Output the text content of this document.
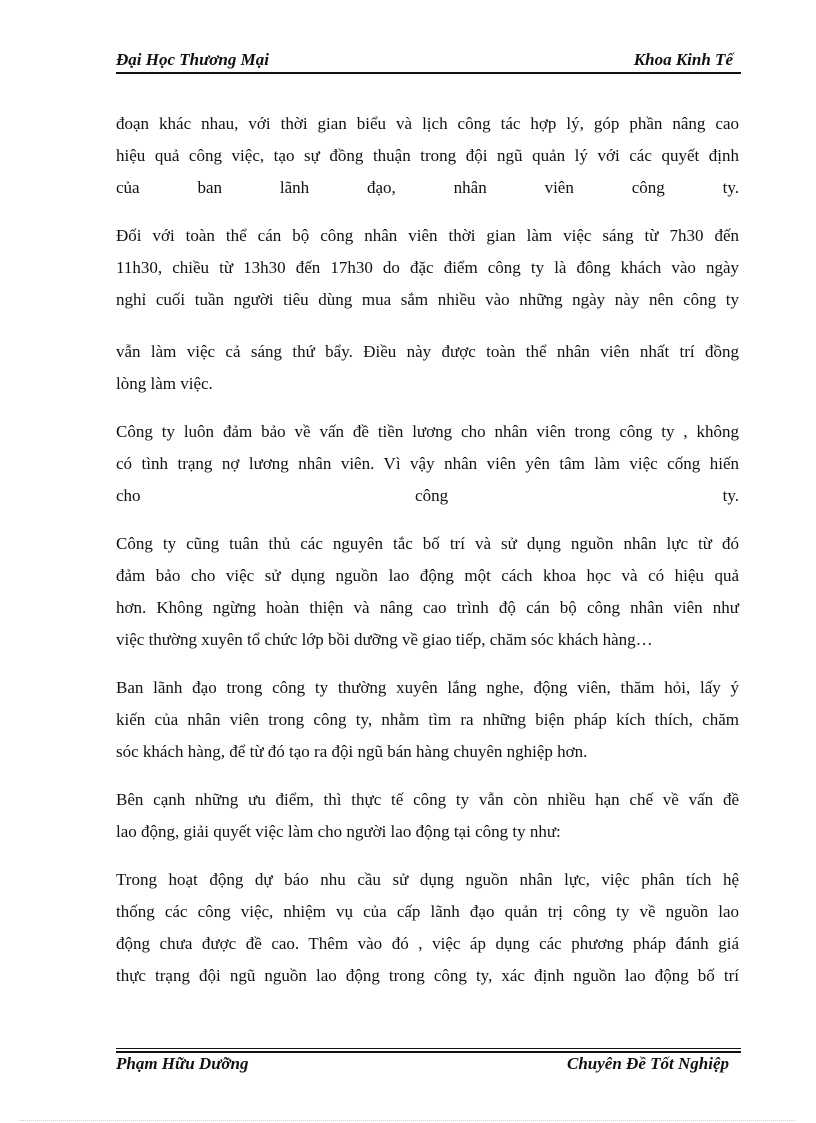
Đại Học Thương Mại	Khoa Kinh Tế
đoạn khác nhau, với thời gian biểu và lịch công tác hợp lý, góp phần nâng cao
hiệu quả công việc, tạo sự đồng thuận trong đội ngũ quản lý với các quyết định
của ban lãnh đạo, nhân viên công ty.
Đối với toàn thể cán bộ công nhân viên thời gian làm việc sáng từ 7h30 đến
11h30, chiều từ 13h30 đến 17h30 do đặc điểm công ty là đông khách vào ngày
nghỉ cuối tuần người tiêu dùng mua sắm nhiều vào những ngày này nên công ty
vẫn làm việc cả sáng thứ bẩy. Điều này được toàn thể nhân viên nhất trí đồng
lòng làm việc.
Công ty luôn đảm bảo về vấn đề tiền lương cho nhân viên trong công ty , không
có tình trạng nợ lương nhân viên. Vì vậy nhân viên yên tâm làm việc cống hiến
cho công ty.
Công ty cũng tuân thủ các nguyên tắc bố trí và sử dụng nguồn nhân lực từ đó
đảm bảo cho việc sử dụng nguồn lao động một cách khoa học và có hiệu quả
hơn. Không ngừng hoàn thiện và nâng cao trình độ cán bộ công nhân viên như
việc thường xuyên tổ chức lớp bồi dưỡng về giao tiếp, chăm sóc khách hàng…
Ban lãnh đạo trong công ty thường xuyên lắng nghe, động viên, thăm hỏi, lấy ý
kiến của nhân viên trong công ty, nhằm tìm ra những biện pháp kích thích, chăm
sóc khách hàng, để từ đó tạo ra đội ngũ bán hàng chuyên nghiệp hơn.
Bên cạnh những ưu điểm, thì thực tế công ty vẫn còn nhiều hạn chế về vấn đề
lao động, giải quyết việc làm cho người lao động tại công ty như:
Trong hoạt động dự báo nhu cầu sử dụng nguồn nhân lực, việc phân tích hệ
thống các công việc, nhiệm vụ của cấp lãnh đạo quản trị công ty về nguồn lao
động chưa được đề cao. Thêm vào đó , việc áp dụng các phương pháp đánh giá
thực trạng đội ngũ nguồn lao động trong công ty, xác định nguồn lao động bố trí
Phạm Hữu Dưỡng	Chuyên Đề Tốt Nghiệp
